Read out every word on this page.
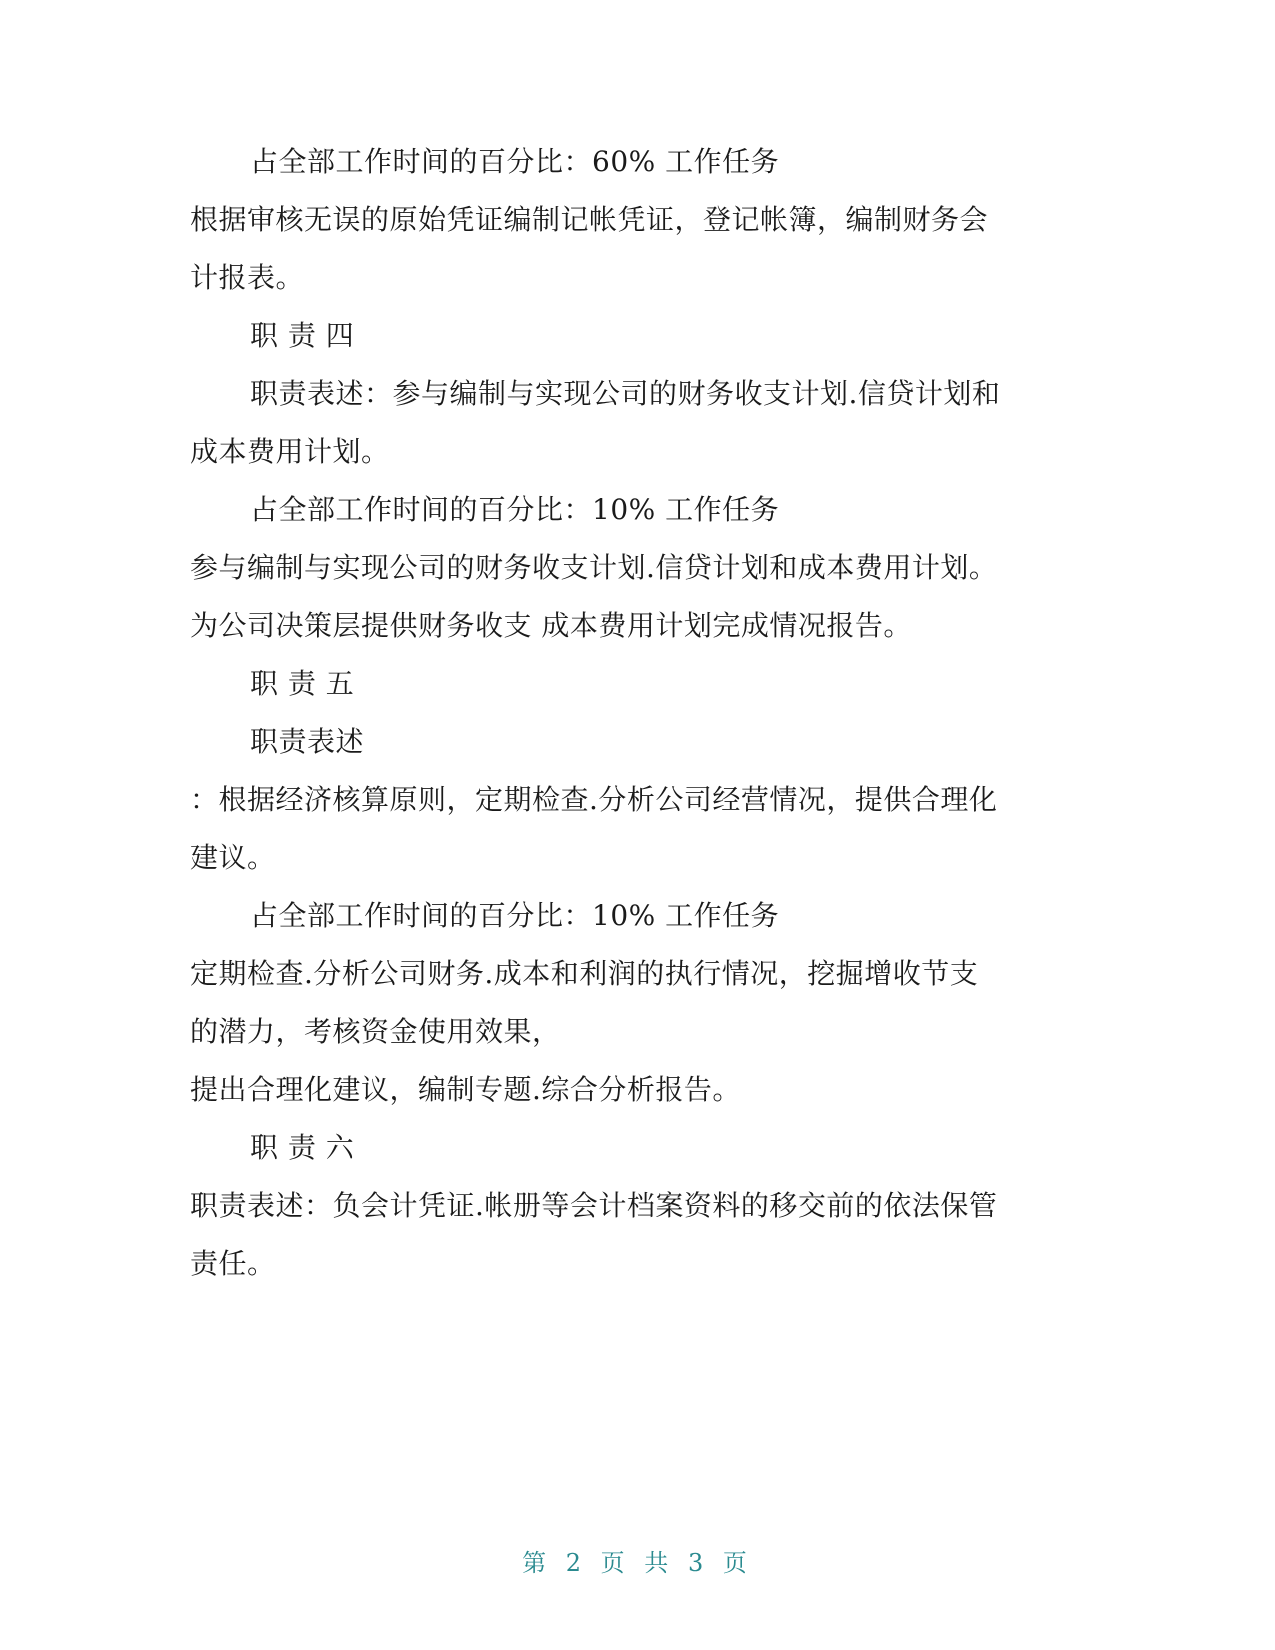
占全部工作时间的百分比：60% 工作任务
根据审核无误的原始凭证编制记帐凭证，登记帐簿，编制财务会
计报表。
职 责 四
职责表述：参与编制与实现公司的财务收支计划.信贷计划和
成本费用计划。
占全部工作时间的百分比：10% 工作任务
参与编制与实现公司的财务收支计划.信贷计划和成本费用计划。
为公司决策层提供财务收支 成本费用计划完成情况报告。
职 责 五
职责表述
：根据经济核算原则，定期检查.分析公司经营情况，提供合理化
建议。
占全部工作时间的百分比：10% 工作任务
定期检查.分析公司财务.成本和利润的执行情况，挖掘增收节支
的潜力，考核资金使用效果，
提出合理化建议，编制专题.综合分析报告。
职 责 六
职责表述：负会计凭证.帐册等会计档案资料的移交前的依法保管
责任。
第 2 页 共 3 页
